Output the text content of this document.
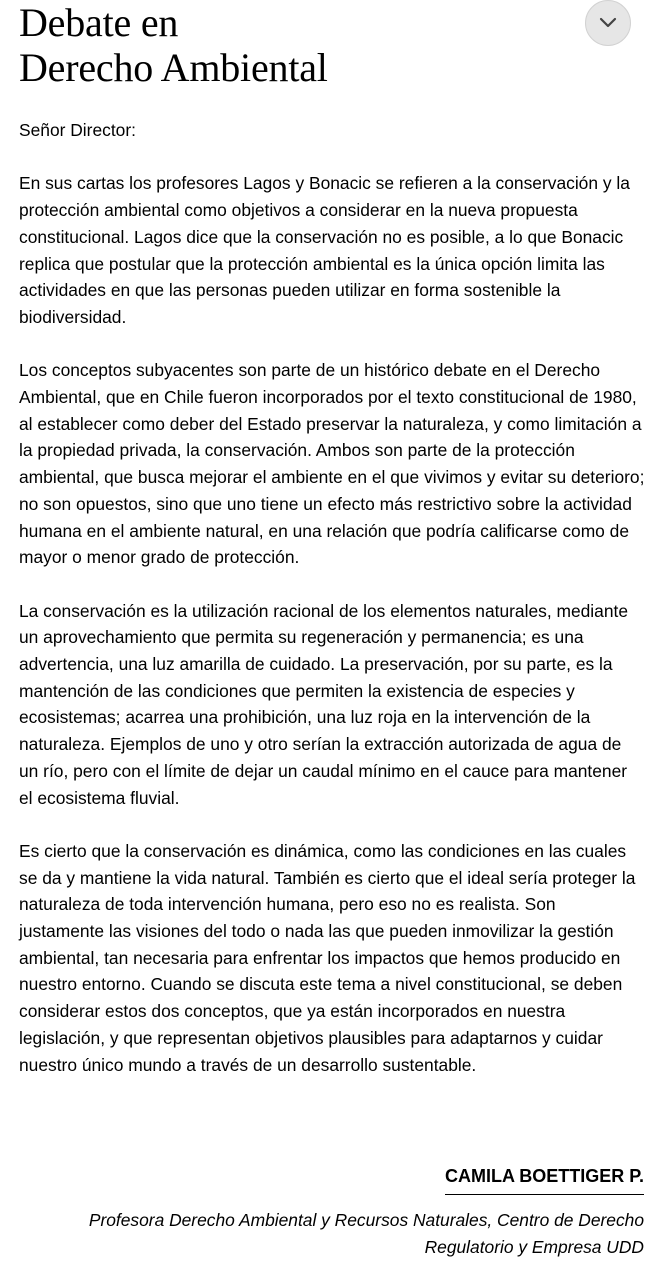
Debate en
Derecho Ambiental

Señor Director:

En sus cartas los profesores Lagos y Bonacic se refieren a la conservación y la protección ambiental como objetivos a considerar en la nueva propuesta constitucional. Lagos dice que la conservación no es posible, a lo que Bonacic replica que postular que la protección ambiental es la única opción limita las actividades en que las personas pueden utilizar en forma sostenible la biodiversidad.

Los conceptos subyacentes son parte de un histórico debate en el Derecho Ambiental, que en Chile fueron incorporados por el texto constitucional de 1980, al establecer como deber del Estado preservar la naturaleza, y como limitación a la propiedad privada, la conservación. Ambos son parte de la protección ambiental, que busca mejorar el ambiente en el que vivimos y evitar su deterioro; no son opuestos, sino que uno tiene un efecto más restrictivo sobre la actividad humana en el ambiente natural, en una relación que podría calificarse como de mayor o menor grado de protección.

La conservación es la utilización racional de los elementos naturales, mediante un aprovechamiento que permita su regeneración y permanencia; es una advertencia, una luz amarilla de cuidado. La preservación, por su parte, es la mantención de las condiciones que permiten la existencia de especies y ecosistemas; acarrea una prohibición, una luz roja en la intervención de la naturaleza. Ejemplos de uno y otro serían la extracción autorizada de agua de un río, pero con el límite de dejar un caudal mínimo en el cauce para mantener el ecosistema fluvial.

Es cierto que la conservación es dinámica, como las condiciones en las cuales se da y mantiene la vida natural. También es cierto que el ideal sería proteger la naturaleza de toda intervención humana, pero eso no es realista. Son justamente las visiones del todo o nada las que pueden inmovilizar la gestión ambiental, tan necesaria para enfrentar los impactos que hemos producido en nuestro entorno. Cuando se discuta este tema a nivel constitucional, se deben considerar estos dos conceptos, que ya están incorporados en nuestra legislación, y que representan objetivos plausibles para adaptarnos y cuidar nuestro único mundo a través de un desarrollo sustentable.

CAMILA BOETTIGER P.
Profesora Derecho Ambiental y Recursos Naturales, Centro de Derecho Regulatorio y Empresa UDD
